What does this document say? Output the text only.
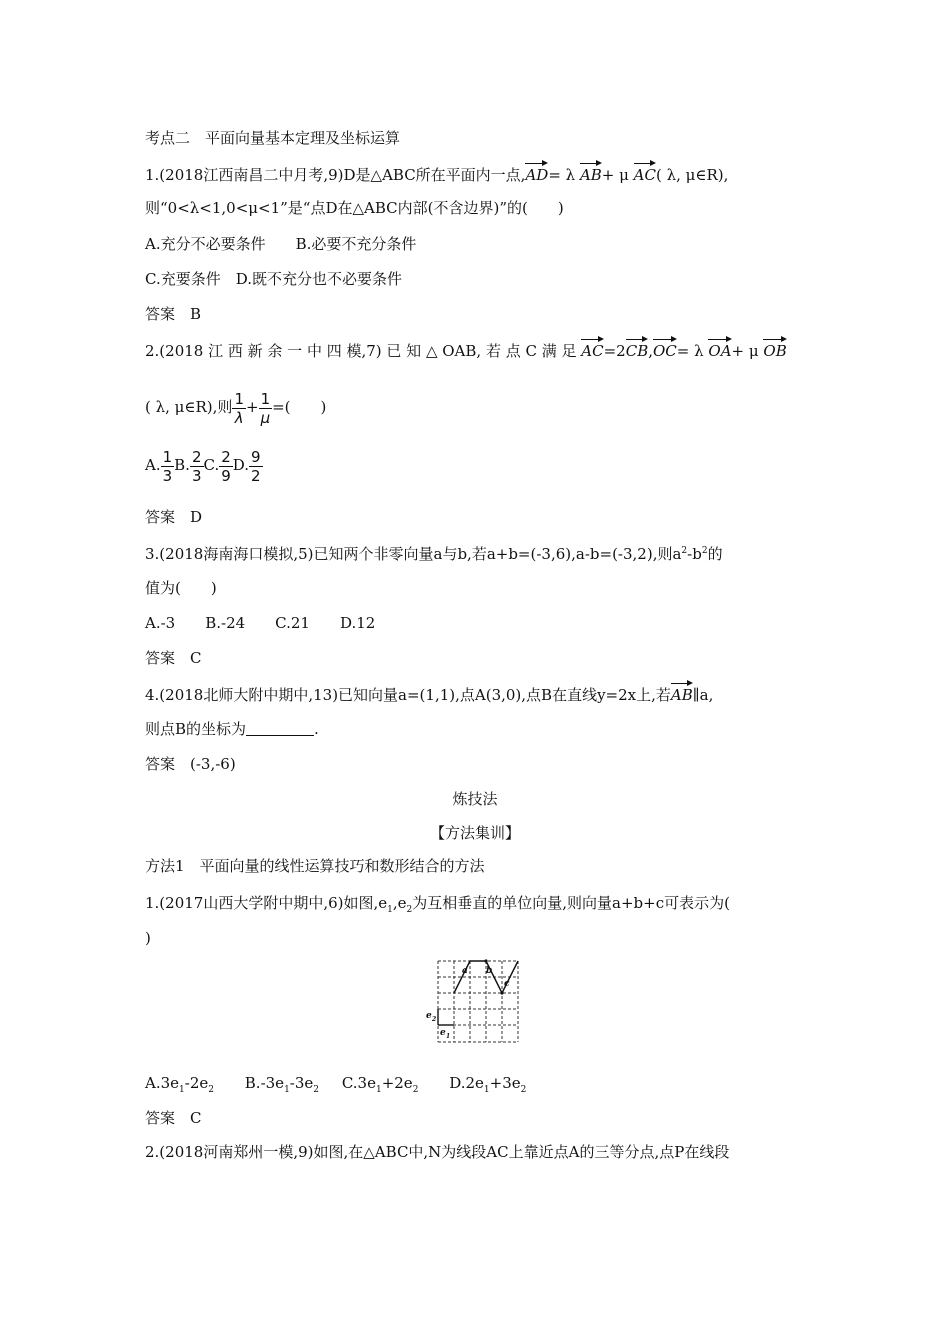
考点二　平面向量基本定理及坐标运算
1.(2018江西南昌二中月考,9)D是△ABC所在平面内一点,AD= λ AB+ μ AC( λ, μ∈R),
则“0<λ<1,0<μ<1”是“点D在△ABC内部(不含边界)”的(　　)
A.充分不必要条件　　B.必要不充分条件
C.充要条件　D.既不充分也不必要条件
答案　B
2.(2018 江 西 新 余 一 中 四 模,7) 已 知 △ OAB, 若 点 C 满 足 AC=2CB,OC= λ OA+ μ OB
( λ, μ∈R),则 $\frac{1}{\lambda} + \frac{1}{\mu}$ =(　　)
A. $\frac{1}{3} B$. $\frac{2}{3} C$. $\frac{2}{9} D$. $\frac{9}{2}$
答案　D
3.(2018海南海口模拟,5)已知两个非零向量a与b,若a+b=(-3,6),a-b=(-3,2),则$a^2-b^2$的
值为(　　)
A.-3　　B.-24　　C.21　　D.12
答案　C
4.(2018北师大附中期中,13)已知向量a=(1,1),点A(3,0),点B在直线y=2x上,若AB∥a,
则点B的坐标为	.
答案　(-3,-6)
炼技法
【方法集训】
方法1　平面向量的线性运算技巧和数形结合的方法
1.(2017山西大学附中期中,6)如图$,e_1,e_2$为互相垂直的单位向量,则向量a+b+c可表示为(
)
a b
c
e 2
e 1
$A.3e_1-2e_2$ $B.-3e_1-3e_2$ $C.3e_1+2e_2$ $D.2e_1+3e_2$
答案　C
2.(2018河南郑州一模,9)如图,在△ABC中,N为线段AC上靠近点A的三等分点,点P在线段
